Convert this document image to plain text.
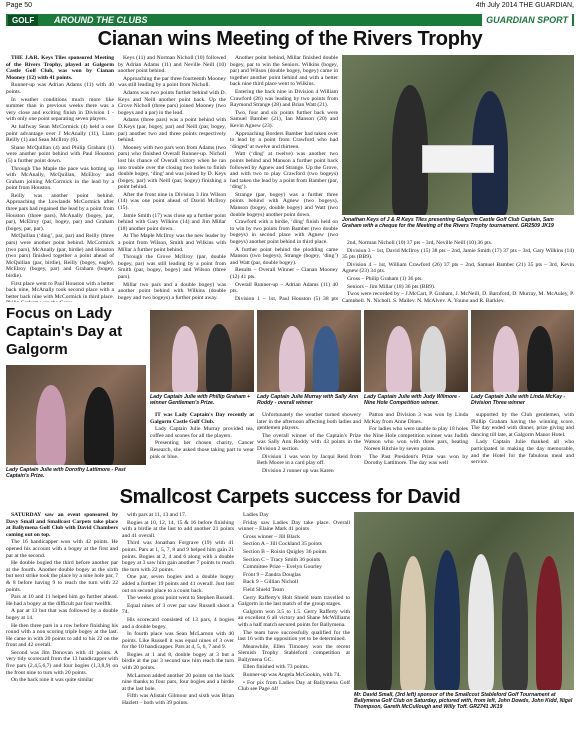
Page 50	4th July 2014 THE GUARDIAN,
GOLF	AROUND THE CLUBS	GUARDIAN SPORT
Cianan wins Meeting of the Rivers Trophy

THE J.&R. Keys Tiles sponsored Meeting of the Rivers Trophy, played at Galgorm Castle Golf Club, was won by Cianan Mooney (12) with 41 points.

Runner-up was Adrian Adams (11) with 40 points.

In weather conditions much more like summer than in previous weeks there was a very close and exciting finish in Division 1 - with only one point separating seven players.

At halfway Sean McCormick (4) held a one point advantage over J McAnally (11), Liam Reilly (1) and Sean McIlroy (6).

Shane McQuillan (4) and Philip Graham (1) were another point behind with Paul Houston (5) a further point down.

Through The Maple the pace was hotting up with McAnally, McQuillan, McElroy and Graham joining McCormick in the lead by a point from Houston.

Reilly was another point behind. Approaching the Lowlands McCormick after three pars had regained the lead by a point from Houston (three pars), McAnally (bogey, par, par), McElroy (par, bogey, par) and Graham (bogey, par, par).

McQuillan (‘ding’, par, par) and Reilly (three pars) were another point behind. McCormick (two pars), McAnally (par, birdie) and Houston (two pars) finished together a point ahead of McQuillan (par, birdie), Reilly (bogey, eagle), McElroy (bogey, par) and Graham (bogey, birdie).

First place went to Paul Houston with a better back nine, McAnally took second place with a better back nine with McCormick in third place.

Keys (11) and Norman Nicholl (10) followed by Adrian Adams (11) and Neville Neill (10) another point behind.

Approaching the par three fourteenth Mooney was still leading by a point from Nicholl.

Adams was two points further behind with D. Keys and Neill another point back. Up the Grove Nicholl (three pars) joined Mooney (two bogeys and a par) in the lead.

Adams (three pars) was a point behind with D.Keys (par, bogey, par) and Neill (par, bogey, par) another two and three points respectively behind.

Mooney with two pars won from Adams (two pars) who finished Overall Runner-up. Nicholl lost his chance of Overall victory when he ran into trouble over the closing two holes to finish double bogey, ‘ding’ and was joined by D. Keys (bogey, par) with Neill (par, bogey) finishing a point behind.

After the front nine in Division 3 Jim Wilson (14) was one point ahead of David McIlroy (15).

Jamie Smith (17) was close up a further point behind with Gary Wilkins (14) and Jim Millar (18) another point down.

At The Maple McIlroy was the new leader by a point from Wilson, Smith and Wilkins with Millar a further point behind.

Through the Grove McIlroy (par, double bogey, par) was still leading by a point from Smith (par, bogey, bogey) and Wilson (three pars).

Millar two pars and a double bogey) was another point behind with Wilkins (double bogey and two bogeys) a further point away.

Another point behind, Millar finished double bogey, par to win the Seniors. Wilkins (bogey, par) and Wilson (double bogey, bogey) came in together another point behind and with a better back nine third place went to Wilkins.

Entering the back nine in Division 4 William Crawford (26) was leading by two points from Raymond Strange (28) and Brian Watt (21).

Two, four and six points further back were Samuel Barnber (21), Ian Manson (20) and Kevin Agnew (23).

Approaching Borders Bamber had taken over to lead by a point from Crawford who had ‘dinged’ at twelve and thirteen.

Watt (‘ding’ at twelve) was another two points behind and Manson a further point back followed by Agnew and Strange. Up the Grove, and with two to play Crawford (two bogeys) had taken the lead by a point from Bamber (par, ‘ding’).

Strange (par, bogey) was a further three points behind with Agnew (two bogeys), Manson (bogey, double bogey) and Watt (two double bogeys) another point down.

Crawford with a birdie, ‘ding’ finish held on to win by two points from Bamber (two double bogeys) in second place with Agnew (two bogeys) another point behind in third place.

A further point behind the plodding came Manson (two bogeys), Strange (bogey, ‘ding’) and Watt (par, double bogey).

Results – Overall Winner – Cianan Mooney (12) 41 pts.

Overall Runner-up – Adrian Adams (11) 40 pts.

Division 1 – 1st, Paul Houston (5) 38 pts

Jonathan Keys of J & R Keys Tiles presenting Galgorm Castle Golf Club Captain, Sam Graham with a cheque for the Meeting of the Rivers Trophy tournament. GR2509 JK19

2nd, Norman Nicholl (10) 37 pts – 3rd, Neville Neill (10) 36 pts.

Division 3 – 1st, David McIlroy (15) 38 pts – 2nd, Jamie Smith (17) 37 pts – 3rd, Gary Wilkins (14) 35 pts (BB9).

Division 4 – 1st, William Crawford (26) 37 pts – 2nd, Samuel Bamber (21) 35 pts – 3rd, Kevin Agnew (23) 34 pts.

Gross – Philip Graham (1) 36 pts.

Seniors – Jim Millar (18) 36 pts (BB9).

Twos were recorded by – J.McCart, P. Graham, J. McNeill, D. Barnford, D. Murray, M. McAuley, P. Campbell, N. Nicholl, S. Mailey, N. McAlvey, A. Young and R. Barkley.

Focus on Lady Captain's Day at Galgorm
Lady Captain Julie with Dorothy Lattimore - Past Captain's Prize.
Lady Captain Julie with Phillip Graham + winner Gentlemen's Prize.
Lady Captain Julie Murray with Sally Ann Roddy - overall winner
Lady Captain Julie with Judy Wilmore - Nine Hole Competition winner.
Lady Captain Julie with Linda McKay - Division Three winner

IT was Lady Captain's Day recently at Galgorm Castle Golf Club.

Lady Captain Julie Murray provided tea, coffee and scones for all the players.

Presenting her chosen charity, Cancer Research, she asked those taking part to wear pink or blue.

Unfortunately the weather turned showery later in the afternoon affecting both ladies and gentlemen players.

The overall winner of the Captain's Prize was Sally Ann Roddy with 43 points in the Division 2 section.

Division 1 was won by Jacqui Reid from Beth Moore in a card play off.

Division 2 runner up was Karen

Patton and Division 3 was won by Linda McKay from Anne Dines.

For ladies who were unable to play 18 holes the Nine Hole competition winner was Judith Watson who won with three pars, beating Noreen Ritchie by seven points.

The Past President's Prize was won by Dorothy Lattimore. The day was well

supported by the Club gentlemen, with Phillip Graham having the winning score. The day ended with dinner, prize giving and dancing till late, at Galgorm Manor Hotel.

Lady Captain Julie thanked all who participated in making the day memorable, and the Hotel for the fabulous meal and service.

Smallcost Carpets success for David

SATURDAY saw an event sponsored by Davy Small and Smallcost Carpets take place at Ballymena Golf Club with David Chambers coming out on top.

The 16 handicapper won with 42 points. He opened his account with a bogey at the first and par at the second.

He double bogied the third before another par at the fourth. Another double bogey at the sixth but next strike took the place by a nine hole par, 7 & 8 before having 9 to reach the turn with 22 points.

Pars at 10 and 11 helped him go further ahead. He had a bogey at the difficult par four twelfth.

A par at 13 but that was followed by a double bogey at 14.

He then three pars in a row before finishing his round with a non scoring triple bogey at the last. He came in with 20 points to add to his 22 on the front and 42 overall.

Second was Jim Donovan with 41 points. A very tidy scorecard from the 13 handicapper with five pars (2,4,5,6,7) and four bogies (1,3,8,9) on the front nine to turn with 20 points.

On the back nine it was quite similar

with pars at 11, 13 and 17.

Bogies at 10, 12, 14, 15 & 16 before finishing with a birdie at the last to add another 21 points and 41 overall.

Third was Jonathan Forgrave (19) with 41 points. Pars at 1, 5, 7, 8 and 9 helped him gain 21 points. Bogies at 2, 4 and 6 along with a double bogey at 3 saw him gain another 7 points to reach the turn with 22 points.

One par, seven bogies and a double bogey added a further 19 points and 41 overall. Just lost out on second place to a count back.

The weeks gross point went to Stephen Russell.

Equal nines of 3 over par saw Russell shoot a 74.

His scorecard consisted of 13 pars, 4 bogies and a double bogey.

In fourth place was Sean McLarnon with 40 points. Like Russell it was equal nines of 3 over for the 10 handicapper. Pars at 4, 5, 6, 7 and 9.

Bogies at 1 and 8, double bogey at 3 but a birdie at the par 3 second saw him reach the turn with 20 points.

McLarnon added another 20 points on the back nine thanks to four pars, four bogies and a birdie at the last hole.

Fifth was Alistair Gilmour and sixth was Brian Hazlett – both with 39 points.

Ladies Day

Friday saw Ladies Day take place. Overall winner – Elaine Mark 41 points

Gross winner – Jill Black

Section A – Jill Cockland 35 points

Section B – Roisin Quigley 36 points

Section C – Tracy Smith 36 points

Committee Prize – Evelyn Gourley

Front 9 – Zandra Douglas

Back 9 – Gillian Nicholl

Field Shield Team

Gerry Rafferty's Holt Shield team travelled to Galgorm in the last match of the group stages.

Galgorm won 3.5 to 1.5. Gerry Rafferty with an excellent 6 all victory and Shane McWilliams with a half match secured points for Ballymena.

The team have successfully qualified for the last 16 with the opposition yet to be determined.

Meanwhile, Ellen Timoney won the recent Slemish Trophy Stableford competition at Ballymena GC.

Ellen finished with 73 points.

Runner-up was Angela McGookin, with 74.

• For pix from Ladies Day at Ballymena Golf Club see Page 44!

Mr. David Small, (3rd left) sponsor of the Smallcost Stableford Golf Tournament at Ballymena Golf Club on Saturday, pictured with, from left, John Dowds, John Kidd, Nigel Thompson, Gareth McCullough and Willy Toff. GR2741 JK19
